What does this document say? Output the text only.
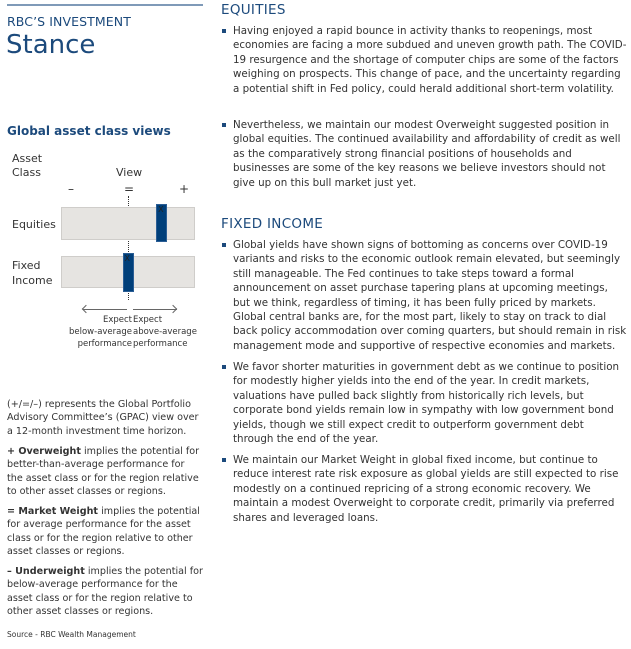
RBC’S INVESTMENT
Stance
Global asset class views
Asset
Class	View
–	=	+
Equities
X
Fixed
Income
X
Expect
below-average
performance
Expect
above-average
performance
(+/=/–) represents the Global Portfolio Advisory Committee’s (GPAC) view over a 12-month investment time horizon.
+ Overweight implies the potential for better-than-average performance for the asset class or for the region relative to other asset classes or regions.
= Market Weight implies the potential for average performance for the asset class or for the region relative to other asset classes or regions.
– Underweight implies the potential for below-average performance for the asset class or for the region relative to other asset classes or regions.
Source - RBC Wealth Management
EQUITIES
Having enjoyed a rapid bounce in activity thanks to reopenings, most economies are facing a more subdued and uneven growth path. The COVID-19 resurgence and the shortage of computer chips are some of the factors weighing on prospects. This change of pace, and the uncertainty regarding a potential shift in Fed policy, could herald additional short-term volatility.
Nevertheless, we maintain our modest Overweight suggested position in global equities. The continued availability and affordability of credit as well as the comparatively strong financial positions of households and businesses are some of the key reasons we believe investors should not give up on this bull market just yet.
FIXED INCOME
Global yields have shown signs of bottoming as concerns over COVID-19 variants and risks to the economic outlook remain elevated, but seemingly still manageable. The Fed continues to take steps toward a formal announcement on asset purchase tapering plans at upcoming meetings, but we think, regardless of timing, it has been fully priced by markets. Global central banks are, for the most part, likely to stay on track to dial back policy accommodation over coming quarters, but should remain in risk management mode and supportive of respective economies and markets.
We favor shorter maturities in government debt as we continue to position for modestly higher yields into the end of the year. In credit markets, valuations have pulled back slightly from historically rich levels, but corporate bond yields remain low in sympathy with low government bond yields, though we still expect credit to outperform government debt through the end of the year.
We maintain our Market Weight in global fixed income, but continue to reduce interest rate risk exposure as global yields are still expected to rise modestly on a continued repricing of a strong economic recovery. We maintain a modest Overweight to corporate credit, primarily via preferred shares and leveraged loans.
